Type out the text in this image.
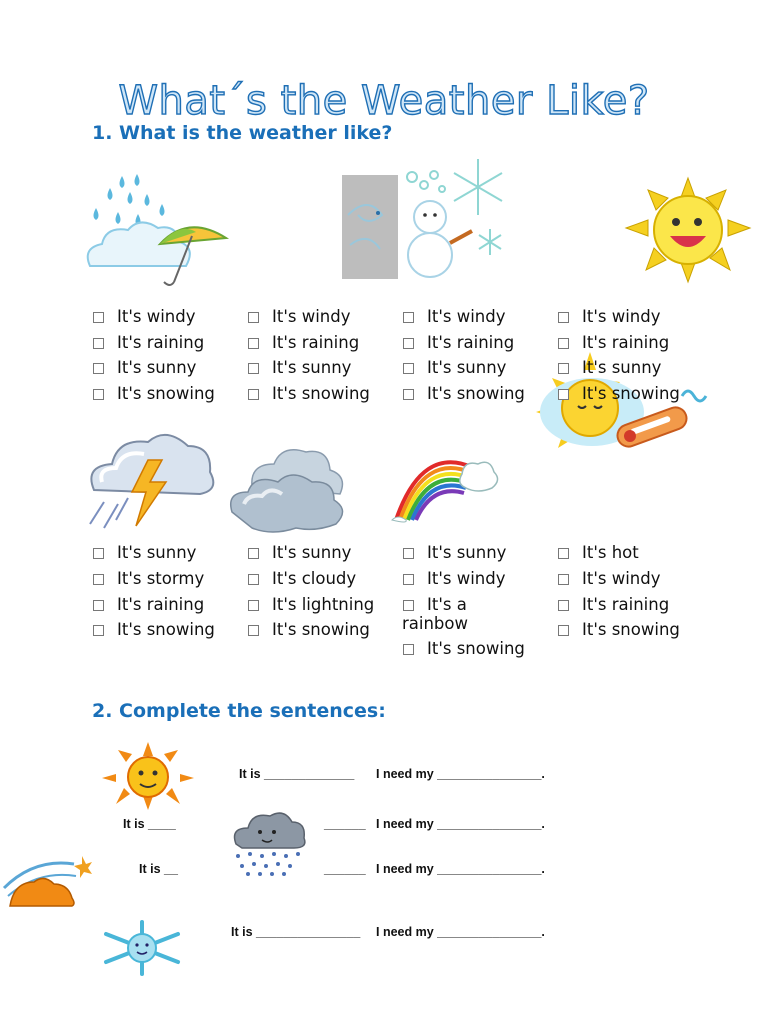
What´s the Weather Like?
1. What is the weather like?
It's windy
It's raining
It's sunny
It's snowing
It's windy
It's raining
It's sunny
It's snowing
It's windy
It's raining
It's sunny
It's snowing
It's windy
It's raining
It's sunny
It's snowing
It's sunny
It's stormy
It's raining
It's snowing
It's sunny
It's cloudy
It's lightning
It's snowing
It's sunny
It's windy
It's a
rainbow
It's snowing
It's hot
It's windy
It's raining
It's snowing
2. Complete the sentences:
It is _____________ I need my _______________.
It is ____	______ I need my _______________.
It is __	______ I need my _______________.
It is _______________ I need my _______________.
